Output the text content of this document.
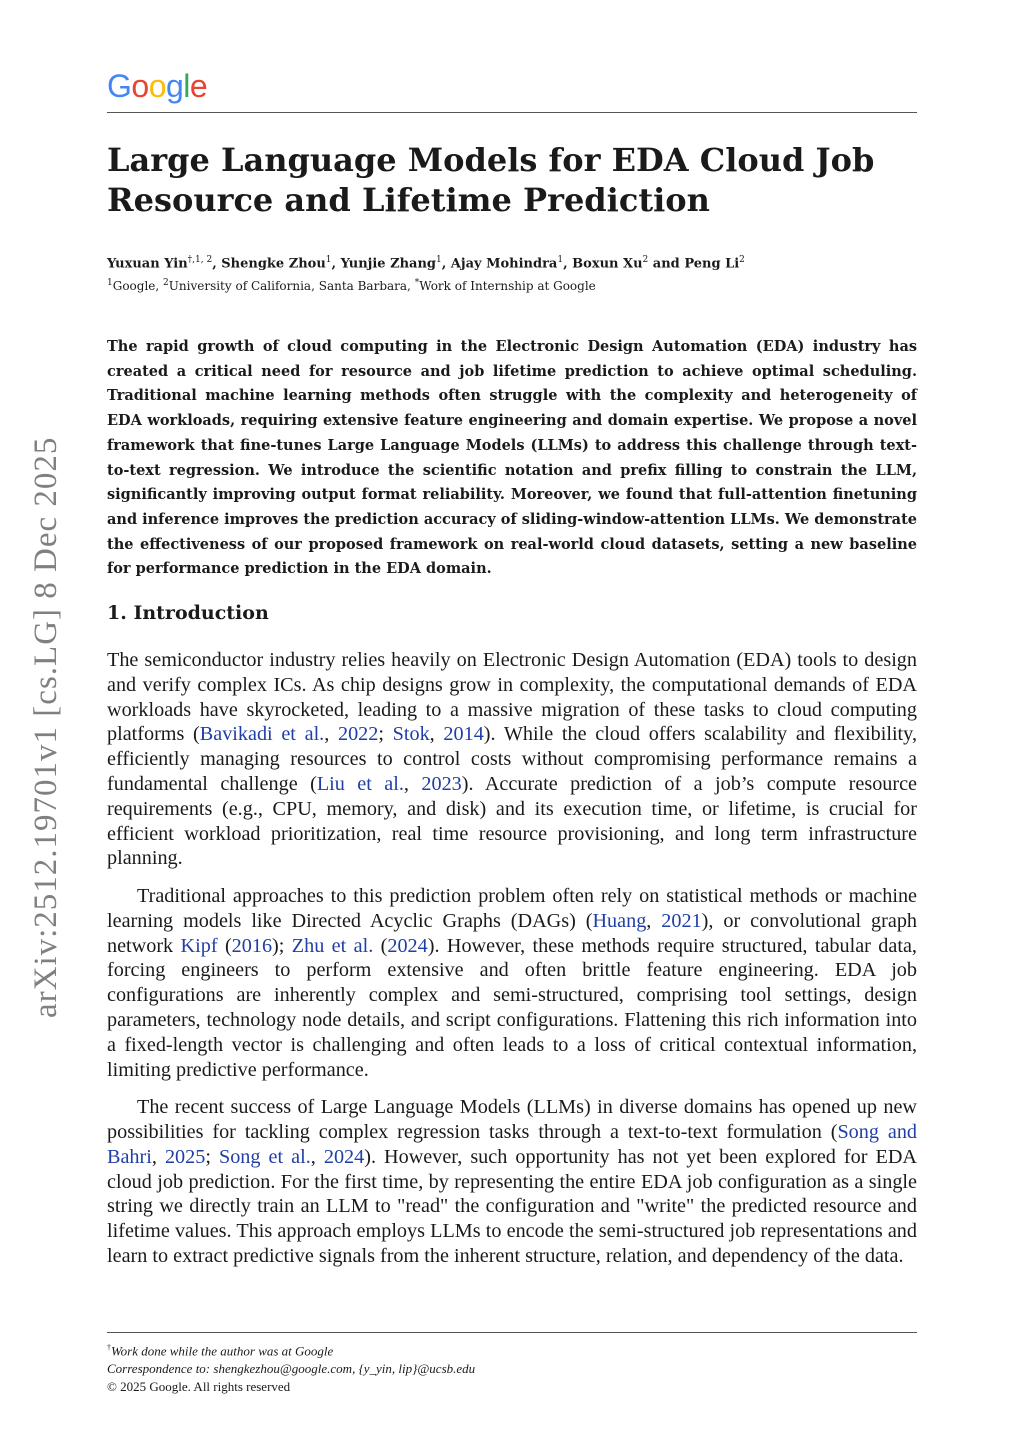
Google
Large Language Models for EDA Cloud Job Resource and Lifetime Prediction
Yuxuan Yin$^{\dagger,1, 2}$, Shengke Zhou$^1$, Yunjie Zhang$^1$, Ajay Mohindra$^1$, Boxun Xu$^2$ and Peng Li$^2$
$^1$Google, $^2$University of California, Santa Barbara, *Work of Internship at Google

The rapid growth of cloud computing in the Electronic Design Automation (EDA) industry has created a critical need for resource and job lifetime prediction to achieve optimal scheduling. Traditional machine learning methods often struggle with the complexity and heterogeneity of EDA workloads, requiring extensive feature engineering and domain expertise. We propose a novel framework that fine-tunes Large Language Models (LLMs) to address this challenge through text-to-text regression. We introduce the scientific notation and prefix filling to constrain the LLM, significantly improving output format reliability. Moreover, we found that full-attention finetuning and inference improves the prediction accuracy of sliding-window-attention LLMs. We demonstrate the effectiveness of our proposed framework on real-world cloud datasets, setting a new baseline for performance prediction in the EDA domain.

arXiv:2512.19701v1 [cs.LG] 8 Dec 2025 1. Introduction

The semiconductor industry relies heavily on Electronic Design Automation (EDA) tools to design and verify complex ICs. As chip designs grow in complexity, the computational demands of EDA workloads have skyrocketed, leading to a massive migration of these tasks to cloud computing platforms (Bavikadi et al., 2022; Stok, 2014). While the cloud offers scalability and flexibility, efficiently managing resources to control costs without compromising performance remains a fundamental challenge (Liu et al., 2023). Accurate prediction of a job’s compute resource requirements (e.g., CPU, memory, and disk) and its execution time, or lifetime, is crucial for efficient workload prioritization, real time resource provisioning, and long term infrastructure planning.

Traditional approaches to this prediction problem often rely on statistical methods or machine learning models like Directed Acyclic Graphs (DAGs) (Huang, 2021), or convolutional graph network Kipf (2016); Zhu et al. (2024). However, these methods require structured, tabular data, forcing engineers to perform extensive and often brittle feature engineering. EDA job configurations are inherently complex and semi-structured, comprising tool settings, design parameters, technology node details, and script configurations. Flattening this rich information into a fixed-length vector is challenging and often leads to a loss of critical contextual information, limiting predictive performance.

The recent success of Large Language Models (LLMs) in diverse domains has opened up new possibilities for tackling complex regression tasks through a text-to-text formulation (Song and Bahri, 2025; Song et al., 2024). However, such opportunity has not yet been explored for EDA cloud job prediction. For the first time, by representing the entire EDA job configuration as a single string we directly train an LLM to "read" the configuration and "write" the predicted resource and lifetime values. This approach employs LLMs to encode the semi-structured job representations and learn to extract predictive signals from the inherent structure, relation, and dependency of the data.

†Work done while the author was at Google
Correspondence to: shengkezhou@google.com, {y_yin, lip}@ucsb.edu
© 2025 Google. All rights reserved
